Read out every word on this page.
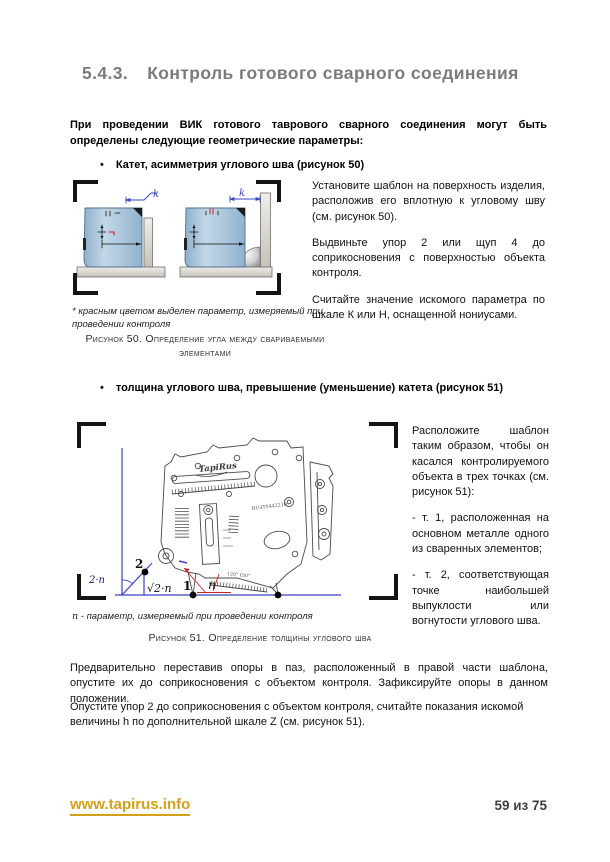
5.4.3. Контроль готового сварного соединения

При проведении ВИК готового таврового сварного соединения могут быть определены следующие геометрические параметры:

• Катет, асимметрия углового шва (рисунок 50)
k	k

Установите шаблон на поверхность изделия, расположив его вплотную к угловому шву (см. рисунок 50).

Выдвиньте упор 2 или щуп 4 до соприкосновения с поверхностью объекта контроля.

Считайте значение искомого параметра по шкале К или Н, оснащенной нониусами.

* красным цветом выделен параметр, измеряемый при проведении контроля

Рисунок 50. Определение угла между свариваемыми элементами

• толщина углового шва, превышение (уменьшение) катета (рисунок 51)
TapiRus
RU4T0442210
120° 150°
2
2·n
√2·n 1 n

Расположите шаблон таким образом, чтобы он касался контролируемого объекта в трех точках (см. рисунок 51):

- т. 1, расположенная на основном металле одного из сваренных элементов;

- т. 2, соответствующая точке наибольшей выпуклости или вогнутости углового шва.

n - параметр, измеряемый при проведении контроля

Рисунок 51. Определение толщины углового шва

Предварительно переставив опоры в паз, расположенный в правой части шаблона, опустите их до соприкосновения с объектом контроля. Зафиксируйте опоры в данном положении.

Опустите упор 2 до соприкосновения с объектом контроля, считайте показания искомой величины h по дополнительной шкале Z (см. рисунок 51).

www.tapirus.info	59 из 75
